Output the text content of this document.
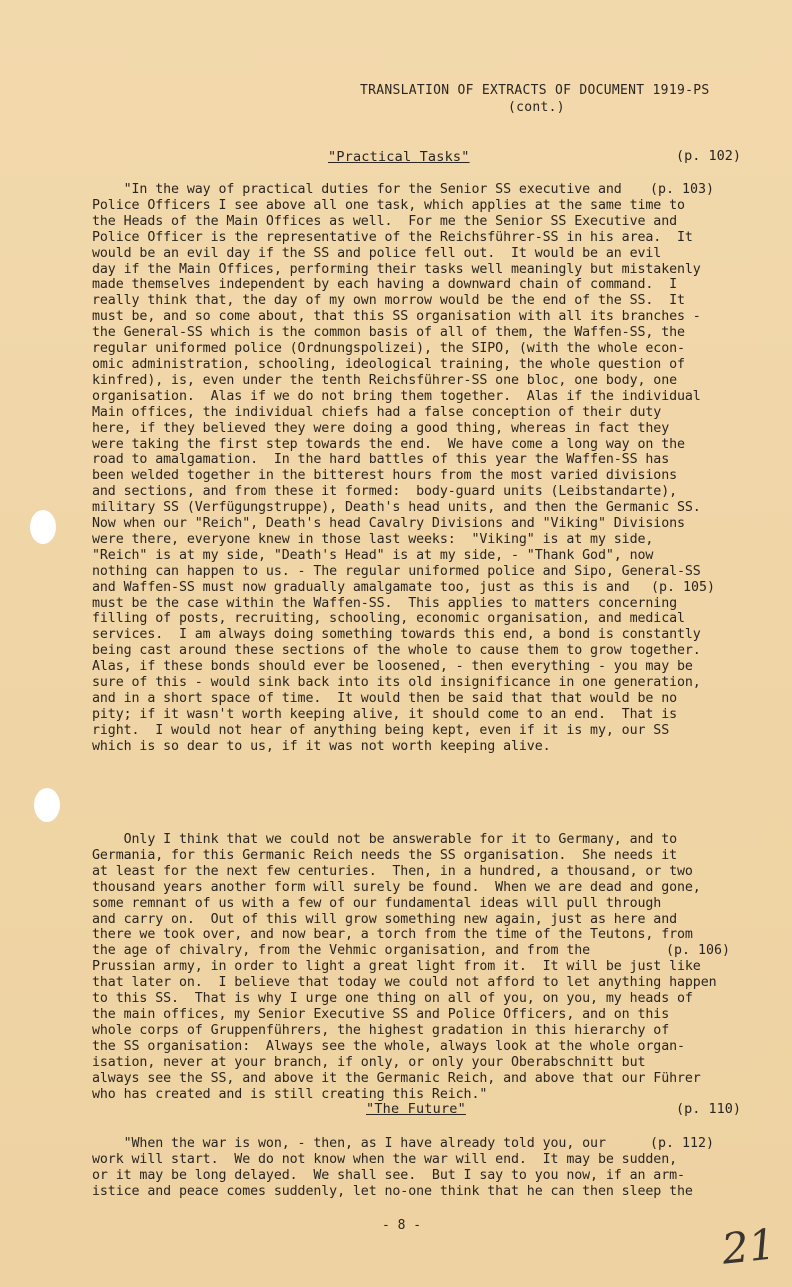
TRANSLATION OF EXTRACTS OF DOCUMENT 1919-PS
(cont.)
"Practical Tasks"	(p. 102)
"In the way of practical duties for the Senior SS executive and
Police Officers I see above all one task, which applies at the same time to
the Heads of the Main Offices as well.  For me the Senior SS Executive and
Police Officer is the representative of the Reichsführer-SS in his area.  It
would be an evil day if the SS and police fell out.  It would be an evil
day if the Main Offices, performing their tasks well meaningly but mistakenly
made themselves independent by each having a downward chain of command.  I
really think that, the day of my own morrow would be the end of the SS.  It
must be, and so come about, that this SS organisation with all its branches -
the General-SS which is the common basis of all of them, the Waffen-SS, the
regular uniformed police (Ordnungspolizei), the SIPO, (with the whole econ-
omic administration, schooling, ideological training, the whole question of
kinfred), is, even under the tenth Reichsführer-SS one bloc, one body, one
organisation.  Alas if we do not bring them together.  Alas if the individual
Main offices, the individual chiefs had a false conception of their duty
here, if they believed they were doing a good thing, whereas in fact they
were taking the first step towards the end.  We have come a long way on the
road to amalgamation.  In the hard battles of this year the Waffen-SS has
been welded together in the bitterest hours from the most varied divisions
and sections, and from these it formed:  body-guard units (Leibstandarte),
military SS (Verfügungstruppe), Death's head units, and then the Germanic SS.
Now when our "Reich", Death's head Cavalry Divisions and "Viking" Divisions
were there, everyone knew in those last weeks:  "Viking" is at my side,
"Reich" is at my side, "Death's Head" is at my side, - "Thank God", now
nothing can happen to us. - The regular uniformed police and Sipo, General-SS
and Waffen-SS must now gradually amalgamate too, just as this is and
must be the case within the Waffen-SS.  This applies to matters concerning
filling of posts, recruiting, schooling, economic organisation, and medical
services.  I am always doing something towards this end, a bond is constantly
being cast around these sections of the whole to cause them to grow together.
Alas, if these bonds should ever be loosened, - then everything - you may be
sure of this - would sink back into its old insignificance in one generation,
and in a short space of time.  It would then be said that that would be no
pity; if it wasn't worth keeping alive, it should come to an end.  That is
right.  I would not hear of anything being kept, even if it is my, our SS
which is so dear to us, if it was not worth keeping alive.
(p. 103)
(p. 105)
Only I think that we could not be answerable for it to Germany, and to
Germania, for this Germanic Reich needs the SS organisation.  She needs it
at least for the next few centuries.  Then, in a hundred, a thousand, or two
thousand years another form will surely be found.  When we are dead and gone,
some remnant of us with a few of our fundamental ideas will pull through
and carry on.  Out of this will grow something new again, just as here and
there we took over, and now bear, a torch from the time of the Teutons, from
the age of chivalry, from the Vehmic organisation, and from the
Prussian army, in order to light a great light from it.  It will be just like
that later on.  I believe that today we could not afford to let anything happen
to this SS.  That is why I urge one thing on all of you, on you, my heads of
the main offices, my Senior Executive SS and Police Officers, and on this
whole corps of Gruppenführers, the highest gradation in this hierarchy of
the SS organisation:  Always see the whole, always look at the whole organ-
isation, never at your branch, if only, or only your Oberabschnitt but
always see the SS, and above it the Germanic Reich, and above that our Führer
who has created and is still creating this Reich."
(p. 106)
"The Future"	(p. 110)
"When the war is won, - then, as I have already told you, our
work will start.  We do not know when the war will end.  It may be sudden,
or it may be long delayed.  We shall see.  But I say to you now, if an arm-
istice and peace comes suddenly, let no-one think that he can then sleep the
(p. 112)
- 8 -	21
